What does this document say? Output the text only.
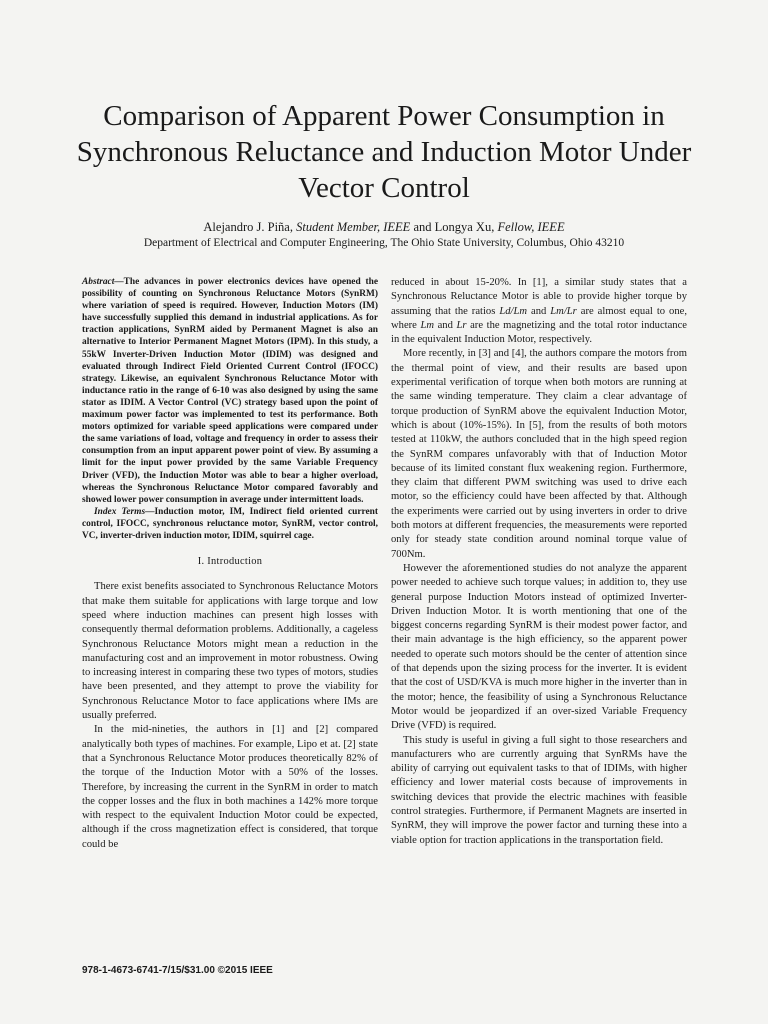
Comparison of Apparent Power Consumption in Synchronous Reluctance and Induction Motor Under Vector Control
Alejandro J. Piña, Student Member, IEEE and Longya Xu, Fellow, IEEE
Department of Electrical and Computer Engineering, The Ohio State University, Columbus, Ohio 43210

Abstract—The advances in power electronics devices have opened the possibility of counting on Synchronous Reluctance Motors (SynRM) where variation of speed is required. However, Induction Motors (IM) have successfully supplied this demand in industrial applications. As for traction applications, SynRM aided by Permanent Magnet is also an alternative to Interior Permanent Magnet Motors (IPM). In this study, a 55kW Inverter-Driven Induction Motor (IDIM) was designed and evaluated through Indirect Field Oriented Current Control (IFOCC) strategy. Likewise, an equivalent Synchronous Reluctance Motor with inductance ratio in the range of 6-10 was also designed by using the same stator as IDIM. A Vector Control (VC) strategy based upon the point of maximum power factor was implemented to test its performance. Both motors optimized for variable speed applications were compared under the same variations of load, voltage and frequency in order to assess their consumption from an input apparent power point of view. By assuming a limit for the input power provided by the same Variable Frequency Driver (VFD), the Induction Motor was able to bear a higher overload, whereas the Synchronous Reluctance Motor compared favorably and showed lower power consumption in average under intermittent loads.

Index Terms—Induction motor, IM, Indirect field oriented current control, IFOCC, synchronous reluctance motor, SynRM, vector control, VC, inverter-driven induction motor, IDIM, squirrel cage.

I. Introduction

There exist benefits associated to Synchronous Reluctance Motors that make them suitable for applications with large torque and low speed where induction machines can present high losses with consequently thermal deformation problems. Additionally, a cageless Synchronous Reluctance Motors might mean a reduction in the manufacturing cost and an improvement in motor robustness. Owing to increasing interest in comparing these two types of motors, studies have been presented, and they attempt to prove the viability for Synchronous Reluctance Motor to face applications where IMs are usually preferred.

In the mid-nineties, the authors in [1] and [2] compared analytically both types of machines. For example, Lipo et at. [2] state that a Synchronous Reluctance Motor produces theoretically 82% of the torque of the Induction Motor with a 50% of the losses. Therefore, by increasing the current in the SynRM in order to match the copper losses and the flux in both machines a 142% more torque with respect to the equivalent Induction Motor could be expected, although if the cross magnetization effect is considered, that torque could be

reduced in about 15-20%. In [1], a similar study states that a Synchronous Reluctance Motor is able to provide higher torque by assuming that the ratios Ld/Lm and Lm/Lr are almost equal to one, where Lm and Lr are the magnetizing and the total rotor inductance in the equivalent Induction Motor, respectively.

More recently, in [3] and [4], the authors compare the motors from the thermal point of view, and their results are based upon experimental verification of torque when both motors are running at the same winding temperature. They claim a clear advantage of torque production of SynRM above the equivalent Induction Motor, which is about (10%-15%). In [5], from the results of both motors tested at 110kW, the authors concluded that in the high speed region the SynRM compares unfavorably with that of Induction Motor because of its limited constant flux weakening region. Furthermore, they claim that different PWM switching was used to drive each motor, so the efficiency could have been affected by that. Although the experiments were carried out by using inverters in order to drive both motors at different frequencies, the measurements were reported only for steady state condition around nominal torque value of 700Nm.

However the aforementioned studies do not analyze the apparent power needed to achieve such torque values; in addition to, they use general purpose Induction Motors instead of optimized Inverter-Driven Induction Motor. It is worth mentioning that one of the biggest concerns regarding SynRM is their modest power factor, and their main advantage is the high efficiency, so the apparent power needed to operate such motors should be the center of attention since of that depends upon the sizing process for the inverter. It is evident that the cost of USD/KVA is much more higher in the inverter than in the motor; hence, the feasibility of using a Synchronous Reluctance Motor would be jeopardized if an over-sized Variable Frequency Drive (VFD) is required.

This study is useful in giving a full sight to those researchers and manufacturers who are currently arguing that SynRMs have the ability of carrying out equivalent tasks to that of IDIMs, with higher efficiency and lower material costs because of improvements in switching devices that provide the electric machines with feasible control strategies. Furthermore, if Permanent Magnets are inserted in SynRM, they will improve the power factor and turning these into a viable option for traction applications in the transportation field.

978-1-4673-6741-7/15/$31.00 ©2015 IEEE
